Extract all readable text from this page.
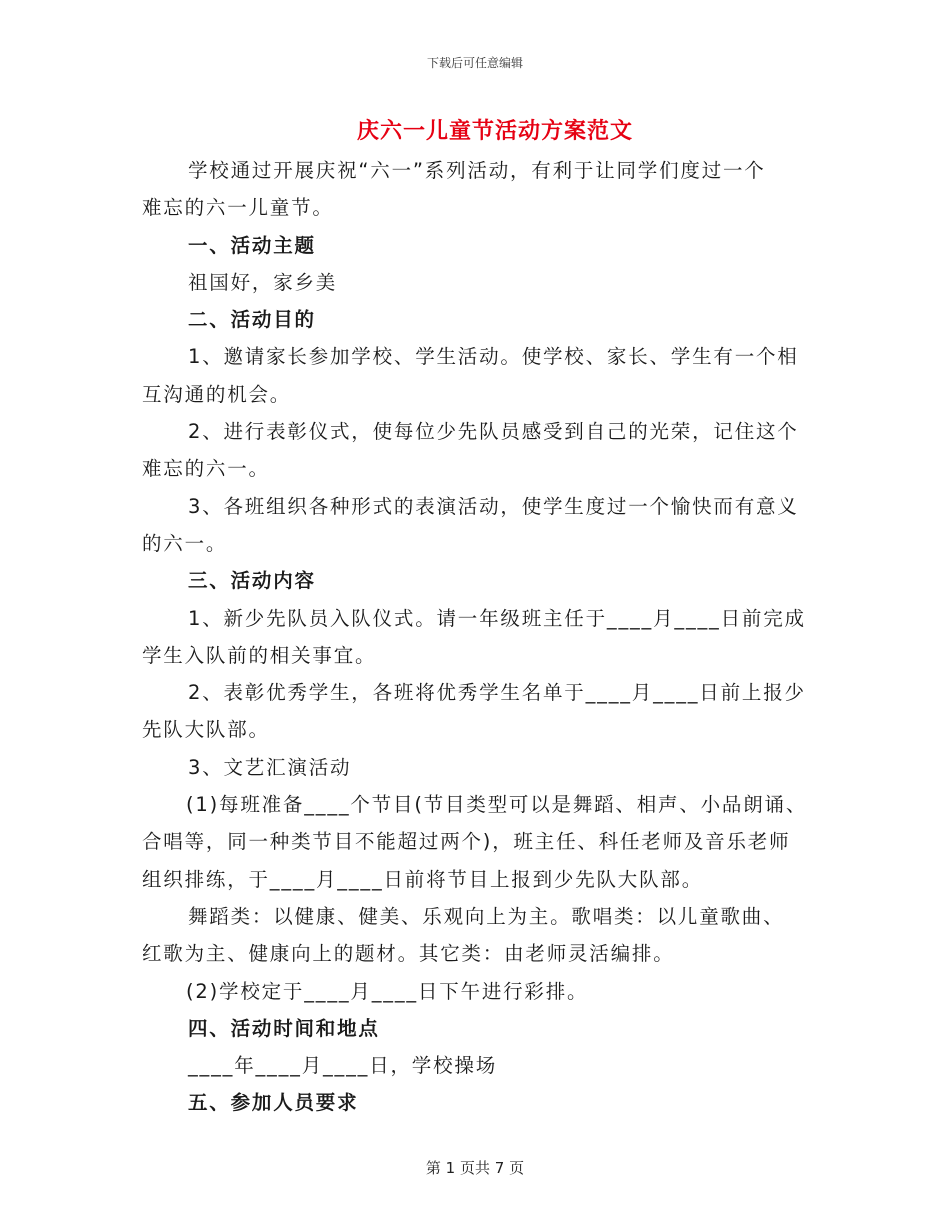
下载后可任意编辑
庆六一儿童节活动方案范文
学校通过开展庆祝“六一”系列活动，有利于让同学们度过一个
难忘的六一儿童节。
一、活动主题
祖国好，家乡美
二、活动目的
1、邀请家长参加学校、学生活动。使学校、家长、学生有一个相
互沟通的机会。
2、进行表彰仪式，使每位少先队员感受到自己的光荣，记住这个
难忘的六一。
3、各班组织各种形式的表演活动，使学生度过一个愉快而有意义
的六一。
三、活动内容
1、新少先队员入队仪式。请一年级班主任于____月____日前完成
学生入队前的相关事宜。
2、表彰优秀学生，各班将优秀学生名单于____月____日前上报少
先队大队部。
3、文艺汇演活动
(1)每班准备____个节目(节目类型可以是舞蹈、相声、小品朗诵、
合唱等，同一种类节目不能超过两个)，班主任、科任老师及音乐老师
组织排练，于____月____日前将节目上报到少先队大队部。
舞蹈类：以健康、健美、乐观向上为主。歌唱类：以儿童歌曲、
红歌为主、健康向上的题材。其它类：由老师灵活编排。
(2)学校定于____月____日下午进行彩排。
四、活动时间和地点
____年____月____日，学校操场
五、参加人员要求
第 1 页共 7 页
